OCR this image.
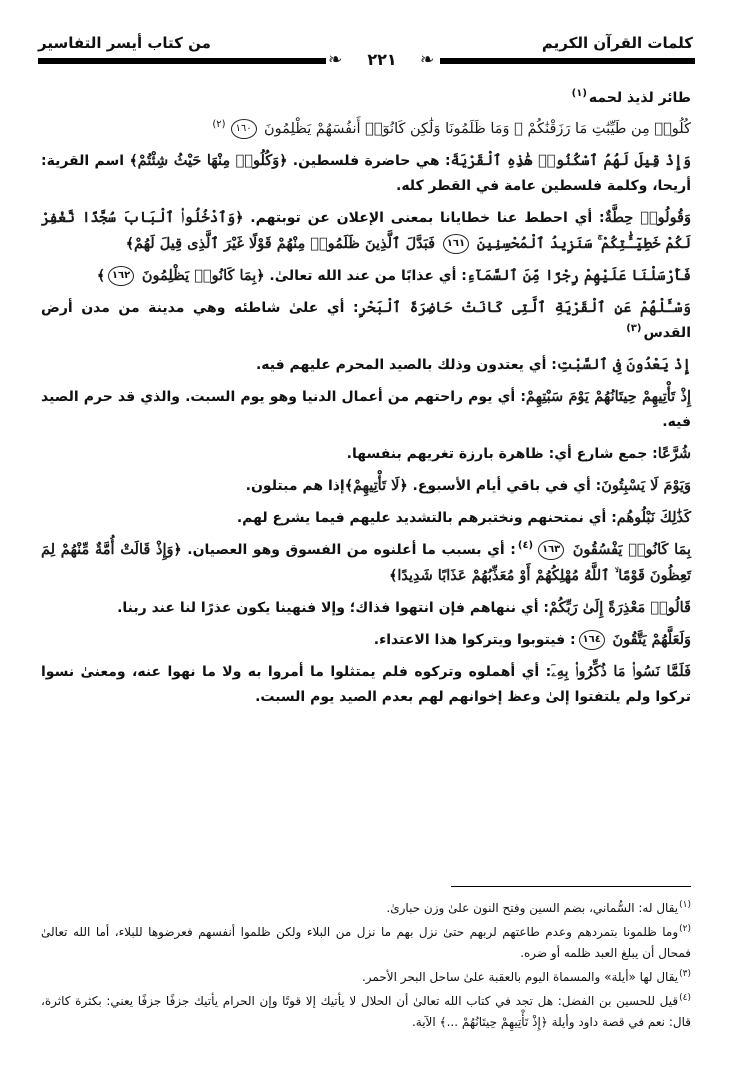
كلمات القرآن الكريم
من كتاب أيسر التفاسير
❧	٢٢١	❧

طائر لذيذ لحمه$^{(١)}$

كُلُوا۟ مِن طَيِّبَٰتِ مَا رَزَقْنَٰكُمْ ۚ وَمَا ظَلَمُونَا وَلَٰكِن كَانُوٓا۟ أَنفُسَهُمْ يَظْلِمُونَ ١٦٠$^{(٢)}$

وَإِذْ قِيلَ لَهُمُ ٱسْكُنُوا۟ هَٰذِهِ ٱلْقَرْيَةَ: هي حاضرة فلسطين. ﴿وَكُلُوا۟ مِنْهَا حَيْثُ شِئْتُمْ﴾ اسم القرية: أريحا، وكلمة فلسطين عامة في القطر كله.

وَقُولُوا۟ حِطَّةٌ: أي احطط عنا خطايانا بمعنى الإعلان عن توبتهم. ﴿وَٱدْخُلُوا۟ ٱلْبَابَ سُجَّدًا نَّغْفِرْ لَكُمْ خَطِيٓـَٰٔتِكُمْ ۚ سَنَزِيدُ ٱلْمُحْسِنِينَ ١٦١ فَبَدَّلَ ٱلَّذِينَ ظَلَمُوا۟ مِنْهُمْ قَوْلًا غَيْرَ ٱلَّذِى قِيلَ لَهُمْ﴾

فَأَرْسَلْنَا عَلَيْهِمْ رِجْزًا مِّنَ ٱلسَّمَآءِ: أي عذابًا من عند الله تعالىٰ. ﴿بِمَا كَانُوا۟ يَظْلِمُونَ ١٦٢﴾

وَسْـَٔلْهُمْ عَنِ ٱلْقَرْيَةِ ٱلَّتِى كَانَتْ حَاضِرَةَ ٱلْبَحْرِ: أي علىٰ شاطئه وهي مدينة من مدن أرض القدس$^{(٣)}$

إِذْ يَعْدُونَ فِى ٱلسَّبْتِ: أي يعتدون وذلك بالصيد المحرم عليهم فيه.

إِذْ تَأْتِيهِمْ حِيتَانُهُمْ يَوْمَ سَبْتِهِمْ: أي يوم راحتهم من أعمال الدنيا وهو يوم السبت. والذي قد حرم الصيد فيه.

شُرَّعًا: جمع شارع أي: ظاهرة بارزة تغريهم بنفسها.

وَيَوْمَ لَا يَسْبِتُونَ: أي في باقي أيام الأسبوع. ﴿لَا تَأْتِيهِمْ﴾إذا هم مبتلون.

كَذَٰلِكَ نَبْلُوهُم: أي نمتحنهم ونختبرهم بالتشديد عليهم فيما يشرع لهم.

بِمَا كَانُوا۟ يَفْسُقُونَ ١٦٣$^{(٤)}$: أي بسبب ما أعلنوه من الفسوق وهو العصيان. ﴿وَإِذْ قَالَتْ أُمَّةٌ مِّنْهُمْ لِمَ تَعِظُونَ قَوْمًا ۙ ٱللَّهُ مُهْلِكُهُمْ أَوْ مُعَذِّبُهُمْ عَذَابًا شَدِيدًا﴾

قَالُوا۟ مَعْذِرَةً إِلَىٰ رَبِّكُمْ: أي ننهاهم فإن انتهوا فذاك؛ وإلا فنهينا يكون عذرًا لنا عند ربنا.

وَلَعَلَّهُمْ يَتَّقُونَ ١٦٤: فيتوبوا ويتركوا هذا الاعتداء.

فَلَمَّا نَسُوا۟ مَا ذُكِّرُوا۟ بِهِۦٓ: أي أهملوه وتركوه فلم يمتثلوا ما أمروا به ولا ما نهوا عنه، ومعنىٰ نسوا تركوا ولم يلتفتوا إلىٰ وعظ إخوانهم لهم بعدم الصيد يوم السبت.

$^{(١)}$يقال له: السُّماني، بضم السين وفتح النون علىٰ وزن حبارىٰ.

$^{(٢)}$وما ظلمونا بتمردهم وعدم طاعتهم لربهم حتىٰ نزل بهم ما نزل من البلاء ولكن ظلموا أنفسهم فعرضوها للبلاء، أما الله تعالىٰ فمحال أن يبلغ العبد ظلمه أو ضره.

$^{(٣)}$يقال لها «أيلة» والمسماة اليوم بالعقبة علىٰ ساحل البحر الأحمر.

$^{(٤)}$قيل للحسين بن الفضل: هل تجد في كتاب الله تعالىٰ أن الحلال لا يأتيك إلا قوتًا وإن الحرام يأتيك جزفًا جزفًا يعني: بكثرة كاثرة، قال: نعم في قصة داود وأيلة ﴿إِذْ تَأْتِيهِمْ حِيتَانُهُمْ ...﴾ الآية.
